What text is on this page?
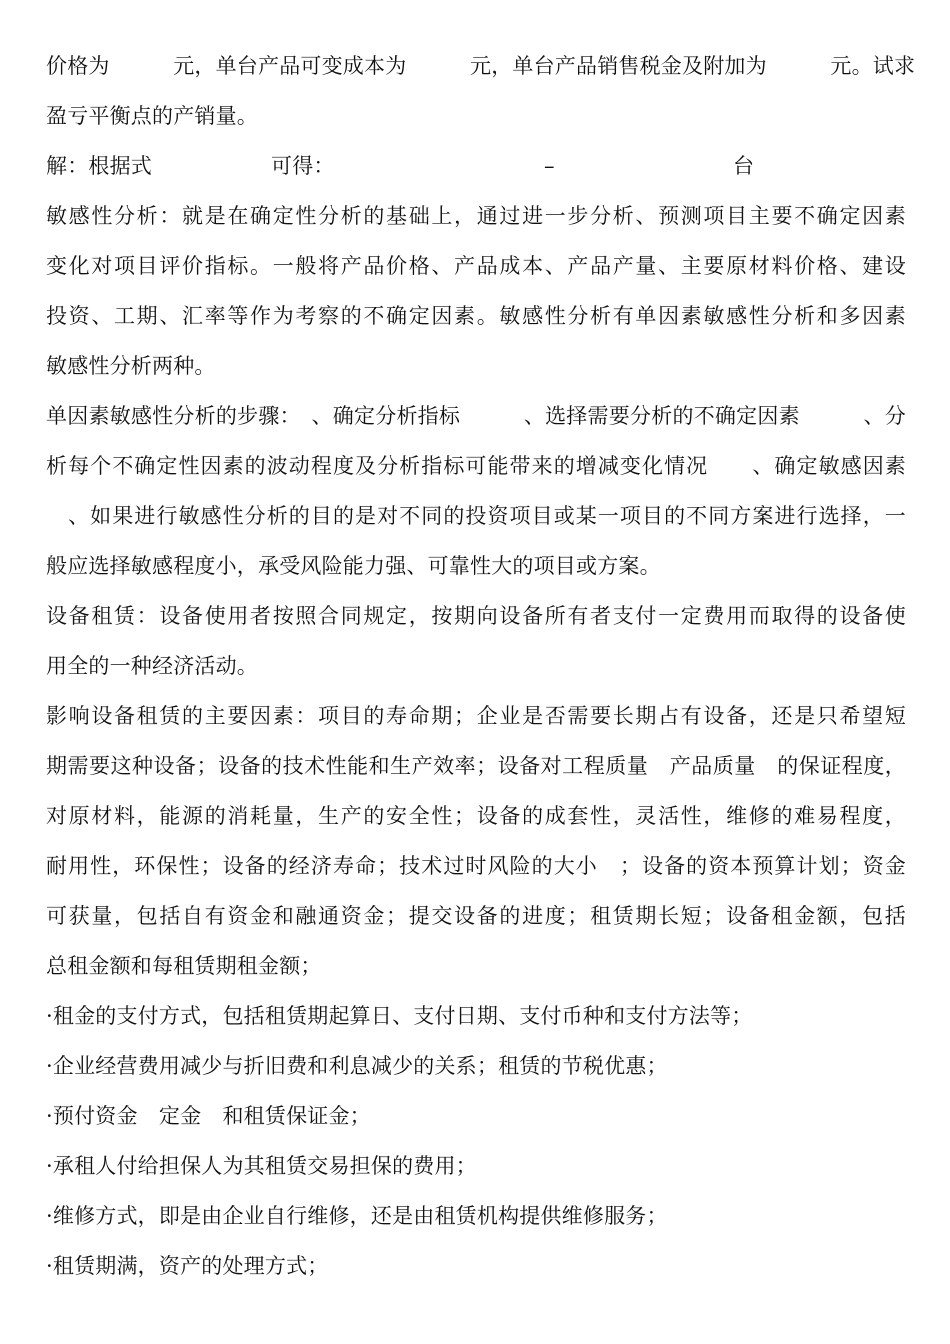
价格为　　　元，单台产品可变成本为　　　元，单台产品销售税金及附加为　　　元。试求
盈亏平衡点的产销量。

解：根据式

	可得：

	–

	台

敏感性分析：就是在确定性分析的基础上，通过进一步分析、预测项目主要不确定因素
变化对项目评价指标。一般将产品价格、产品成本、产品产量、主要原材料价格、建设
投资、工期、汇率等作为考察的不确定因素。敏感性分析有单因素敏感性分析和多因素
敏感性分析两种。
单因素敏感性分析的步骤：　、确定分析指标　　　、选择需要分析的不确定因素　　　、分
析每个不确定性因素的波动程度及分析指标可能带来的增减变化情况　　、确定敏感因素
　、如果进行敏感性分析的目的是对不同的投资项目或某一项目的不同方案进行选择，一
般应选择敏感程度小，承受风险能力强、可靠性大的项目或方案。
设备租赁：设备使用者按照合同规定，按期向设备所有者支付一定费用而取得的设备使
用全的一种经济活动。
影响设备租赁的主要因素：项目的寿命期；企业是否需要长期占有设备，还是只希望短
期需要这种设备；设备的技术性能和生产效率；设备对工程质量　产品质量　的保证程度，
对原材料，能源的消耗量，生产的安全性；设备的成套性，灵活性，维修的难易程度，
耐用性，环保性；设备的经济寿命；技术过时风险的大小　；设备的资本预算计划；资金
可获量，包括自有资金和融通资金；提交设备的进度；租赁期长短；设备租金额，包括
总租金额和每租赁期租金额；
·租金的支付方式，包括租赁期起算日、支付日期、支付币种和支付方法等；
·企业经营费用减少与折旧费和利息减少的关系；租赁的节税优惠；
·预付资金　定金　和租赁保证金；
·承租人付给担保人为其租赁交易担保的费用；
·维修方式，即是由企业自行维修，还是由租赁机构提供维修服务；
·租赁期满，资产的处理方式；
